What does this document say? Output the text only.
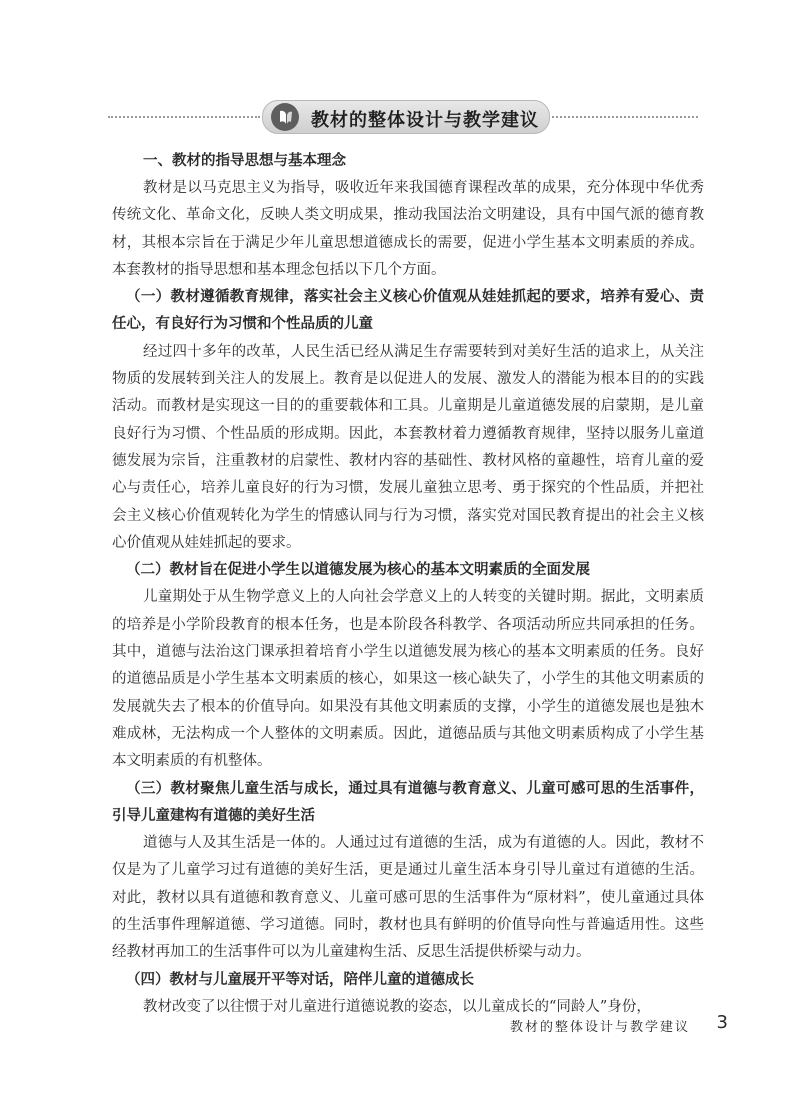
教材的整体设计与教学建议
一、教材的指导思想与基本理念

教材是以马克思主义为指导，吸收近年来我国德育课程改革的成果，充分体现中华优秀传统文化、革命文化，反映人类文明成果，推动我国法治文明建设，具有中国气派的德育教材，其根本宗旨在于满足少年儿童思想道德成长的需要，促进小学生基本文明素质的养成。本套教材的指导思想和基本理念包括以下几个方面。

（一）教材遵循教育规律，落实社会主义核心价值观从娃娃抓起的要求，培养有爱心、责任心，有良好行为习惯和个性品质的儿童

经过四十多年的改革，人民生活已经从满足生存需要转到对美好生活的追求上，从关注物质的发展转到关注人的发展上。教育是以促进人的发展、激发人的潜能为根本目的的实践活动。而教材是实现这一目的的重要载体和工具。儿童期是儿童道德发展的启蒙期，是儿童良好行为习惯、个性品质的形成期。因此，本套教材着力遵循教育规律，坚持以服务儿童道德发展为宗旨，注重教材的启蒙性、教材内容的基础性、教材风格的童趣性，培育儿童的爱心与责任心，培养儿童良好的行为习惯，发展儿童独立思考、勇于探究的个性品质，并把社会主义核心价值观转化为学生的情感认同与行为习惯，落实党对国民教育提出的社会主义核心价值观从娃娃抓起的要求。

（二）教材旨在促进小学生以道德发展为核心的基本文明素质的全面发展

儿童期处于从生物学意义上的人向社会学意义上的人转变的关键时期。据此，文明素质的培养是小学阶段教育的根本任务，也是本阶段各科教学、各项活动所应共同承担的任务。其中，道德与法治这门课承担着培育小学生以道德发展为核心的基本文明素质的任务。良好的道德品质是小学生基本文明素质的核心，如果这一核心缺失了，小学生的其他文明素质的发展就失去了根本的价值导向。如果没有其他文明素质的支撑，小学生的道德发展也是独木难成林，无法构成一个人整体的文明素质。因此，道德品质与其他文明素质构成了小学生基本文明素质的有机整体。

（三）教材聚焦儿童生活与成长，通过具有道德与教育意义、儿童可感可思的生活事件，引导儿童建构有道德的美好生活

道德与人及其生活是一体的。人通过过有道德的生活，成为有道德的人。因此，教材不仅是为了儿童学习过有道德的美好生活，更是通过儿童生活本身引导儿童过有道德的生活。对此，教材以具有道德和教育意义、儿童可感可思的生活事件为“原材料”，使儿童通过具体的生活事件理解道德、学习道德。同时，教材也具有鲜明的价值导向性与普遍适用性。这些经教材再加工的生活事件可以为儿童建构生活、反思生活提供桥梁与动力。

（四）教材与儿童展开平等对话，陪伴儿童的道德成长

教材改变了以往惯于对儿童进行道德说教的姿态，以儿童成长的“同龄人”身份，

教材的整体设计与教学建议 3
